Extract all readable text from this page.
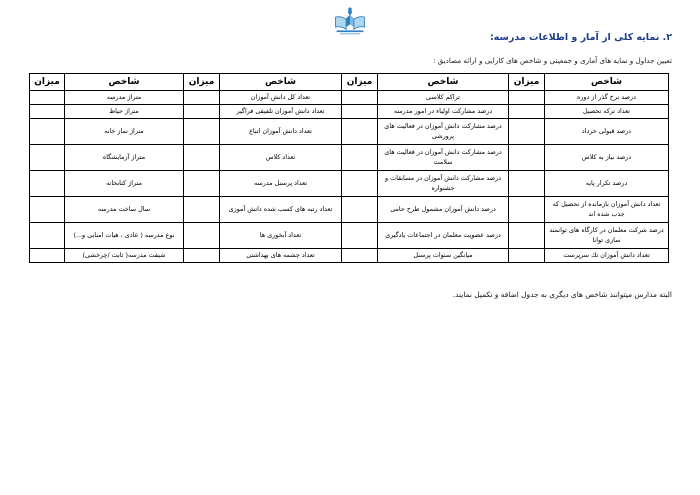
۲. نمایه کلی از آمار و اطلاعات مدرسه:
تعیین جداول و نمایه های آماری و جمعیتی و شاخص های کارایی و ارائه مصادیق :
شاخص	میزان	شاخص	میزان	شاخص	میزان	شاخص	میزان
درصد نرخ گذر از دوره		تراکم کلاسی		تعداد کل دانش آموزان		متراژ مدرسه	
تعداد ترکه تحصیل		درصد مشارکت اولیاء در امور مدرسه		تعداد دانش آموزان تلفیقی فراگیر		متراژ حیاط	
درصد قبولی خرداد		درصد مشارکت دانش آموزان در فعالیت های پرورشی		تعداد دانش آموزان اتباع		متراژ نماز خانه	
درصد نیاز به کلاس		درصد مشارکت دانش آموزان در فعالیت های سلامت		تعداد کلاس		متراژ آزمایشگاه	
درصد تکرار پایه		درصد مشارکت دانش آموزان در مسابقات و جشنواره		تعداد پرسنل مدرسه		متراژ کتابخانه	
تعداد دانش آموزان بازمانده از تحصیل که جذب شده اند		درصد دانش آموزان مشمول طرح حامی		تعداد رتبه های کسب شده دانش آموزی		سال ساخت مدرسه	
درصد شرکت معلمان در کارگاه های توانمند سازی توانا		درصد عضویت معلمان در اجتماعات یادگیری		تعداد آبخوری ها		نوع مدرسه ( عادی ، هیات امنایی و...)	
تعداد دانش آموزان تك سرپرست		میانگین سنوات پرسنل		تعداد چشمه های بهداشتی		شیفت مدرسه( ثابت /چرخشی)	
البته مدارس میتوانند شاخص های دیگری به جدول اضافه و تکمیل نمایند.
